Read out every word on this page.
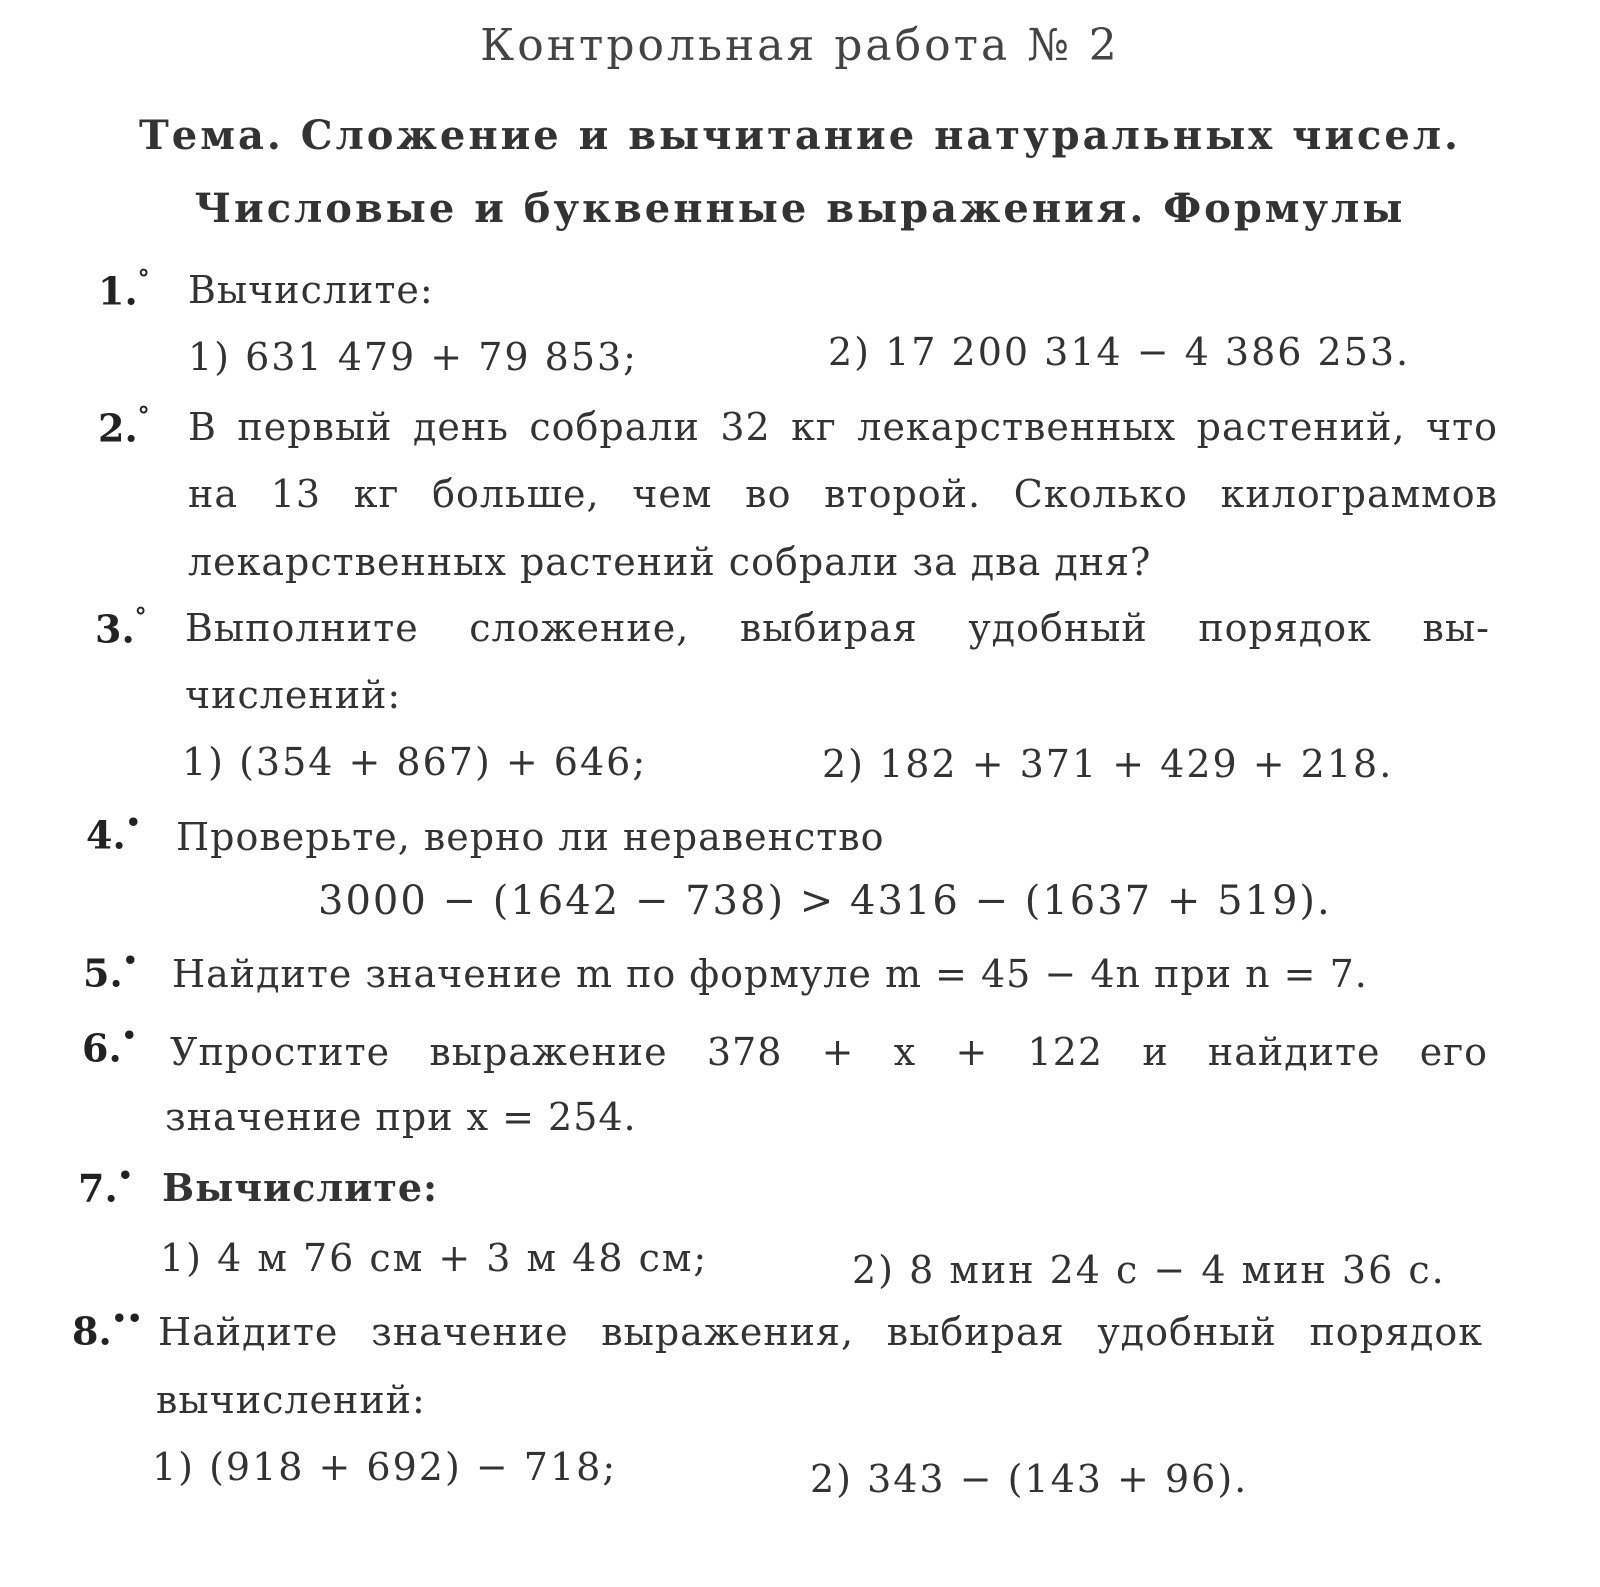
Контрольная работа № 2
Тема. Сложение и вычитание натуральных чисел.
Числовые и буквенные выражения. Формулы
1.° Вычислите:
1) 631 479 + 79 853;	2) 17 200 314 − 4 386 253.
2.° В первый день собрали 32 кг лекарственных растений, что
на 13 кг больше, чем во второй. Сколько килограммов
лекарственных растений собрали за два дня?
3.° Выполните сложение, выбирая удобный порядок вы-
числений:
1) (354 + 867) + 646;	2) 182 + 371 + 429 + 218.
4.• Проверьте, верно ли неравенство
3000 − (1642 − 738) > 4316 − (1637 + 519).
5.• Найдите значение m по формуле m = 45 − 4n при n = 7.
6.• Упростите выражение 378 + x + 122 и найдите его
значение при x = 254.
7.• Вычислите:
1) 4 м 76 см + 3 м 48 см;	2) 8 мин 24 с − 4 мин 36 с.
8.•• Найдите значение выражения, выбирая удобный порядок
вычислений:
1) (918 + 692) − 718;	2) 343 − (143 + 96).
